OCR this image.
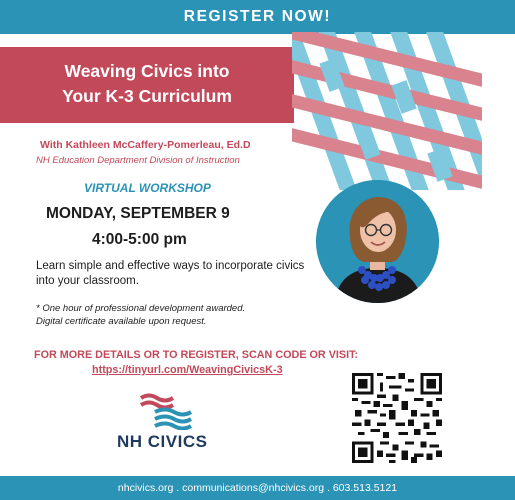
REGISTER NOW!
Weaving Civics into
Your K-3 Curriculum
With Kathleen McCaffery-Pomerleau, Ed.D
NH Education Department Division of Instruction
VIRTUAL WORKSHOP
MONDAY, SEPTEMBER 9
4:00-5:00 pm
Learn simple and effective ways to incorporate civics into your classroom.
* One hour of professional development awarded.
Digital certificate available upon request.
FOR MORE DETAILS OR TO REGISTER, SCAN CODE OR VISIT:
https://tinyurl.com/WeavingCivicsK-3
NH CIVICS
nhcivics.org . communications@nhcivics.org . 603.513.5121
